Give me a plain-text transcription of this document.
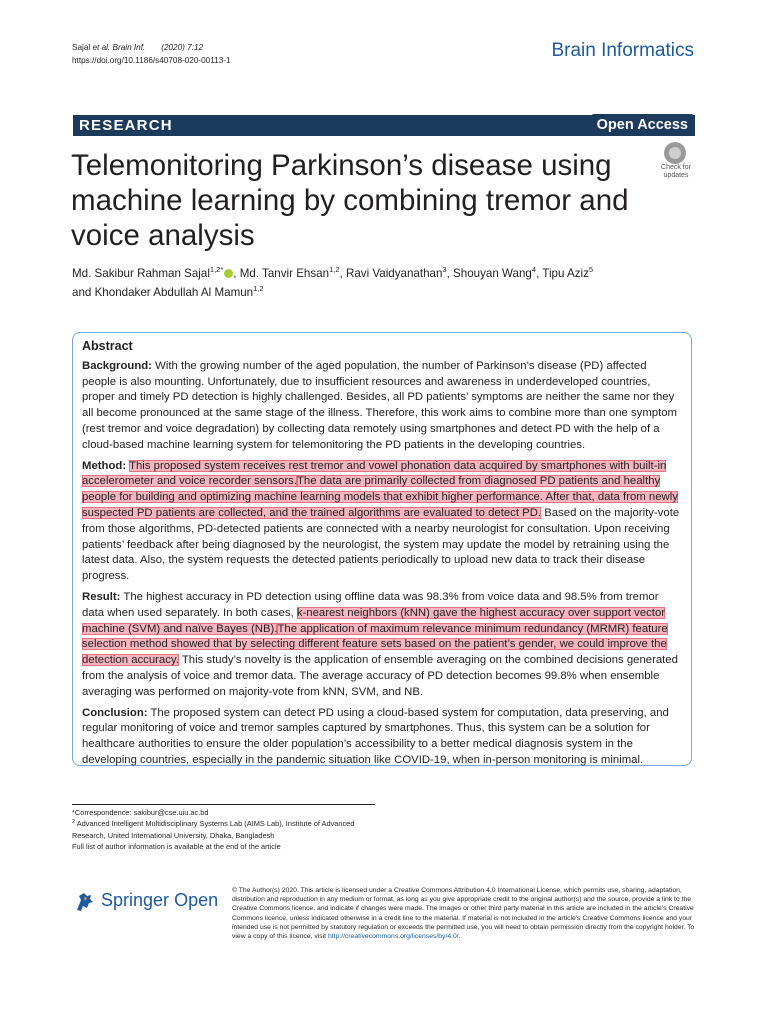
Sajal et al. Brain Inf. (2020) 7:12
https://doi.org/10.1186/s40708-020-00113-1	Brain Informatics
RESEARCH	Open Access
Telemonitoring Parkinson’s disease using machine learning by combining tremor and voice analysis
Check for
updates
Md. Sakibur Rahman Sajal$^{1,2*}$ , Md. Tanvir Ehsan$^{1,2}$, Ravi Vaidyanathan$^3$, Shouyan Wang$^4$, Tipu Aziz$^5$
and Khondaker Abdullah Al Mamun$^{1,2}$
Abstract

Background: With the growing number of the aged population, the number of Parkinson’s disease (PD) affected people is also mounting. Unfortunately, due to insufficient resources and awareness in underdeveloped countries, proper and timely PD detection is highly challenged. Besides, all PD patients’ symptoms are neither the same nor they all become pronounced at the same stage of the illness. Therefore, this work aims to combine more than one symptom (rest tremor and voice degradation) by collecting data remotely using smartphones and detect PD with the help of a cloud-based machine learning system for telemonitoring the PD patients in the developing countries.

Method: This proposed system receives rest tremor and vowel phonation data acquired by smartphones with built-in accelerometer and voice recorder sensors.The data are primarily collected from diagnosed PD patients and healthy people for building and optimizing machine learning models that exhibit higher performance. After that, data from newly suspected PD patients are collected, and the trained algorithms are evaluated to detect PD. Based on the majority-vote from those algorithms, PD-detected patients are connected with a nearby neurologist for consultation. Upon receiving patients’ feedback after being diagnosed by the neurologist, the system may update the model by retraining using the latest data. Also, the system requests the detected patients periodically to upload new data to track their disease progress.

Result: The highest accuracy in PD detection using offline data was 98.3% from voice data and 98.5% from tremor data when used separately. In both cases, k-nearest neighbors (kNN) gave the highest accuracy over support vector machine (SVM) and naïve Bayes (NB).The application of maximum relevance minimum redundancy (MRMR) feature selection method showed that by selecting different feature sets based on the patient’s gender, we could improve the detection accuracy. This study’s novelty is the application of ensemble averaging on the combined decisions generated from the analysis of voice and tremor data. The average accuracy of PD detection becomes 99.8% when ensemble averaging was performed on majority-vote from kNN, SVM, and NB.

Conclusion: The proposed system can detect PD using a cloud-based system for computation, data preserving, and regular monitoring of voice and tremor samples captured by smartphones. Thus, this system can be a solution for healthcare authorities to ensure the older population’s accessibility to a better medical diagnosis system in the developing countries, especially in the pandemic situation like COVID-19, when in-person monitoring is minimal.

*Correspondence: sakibur@cse.uiu.ac.bd
$^2$ Advanced Intelligent Multidisciplinary Systems Lab (AIMS Lab), Institute of Advanced Research, United International University, Dhaka, Bangladesh
Full list of author information is available at the end of the article
Springer Open © The Author(s) 2020. This article is licensed under a Creative Commons Attribution 4.0 International License, which permits use, sharing, adaptation, distribution and reproduction in any medium or format, as long as you give appropriate credit to the original author(s) and the source, provide a link to the Creative Commons licence, and indicate if changes were made. The images or other third party material in this article are included in the article’s Creative Commons licence, unless indicated otherwise in a credit line to the material. If material is not included in the article’s Creative Commons licence and your intended use is not permitted by statutory regulation or exceeds the permitted use, you will need to obtain permission directly from the copyright holder. To view a copy of this licence, visit http://creativecommons.org/licenses/by/4.0/.
